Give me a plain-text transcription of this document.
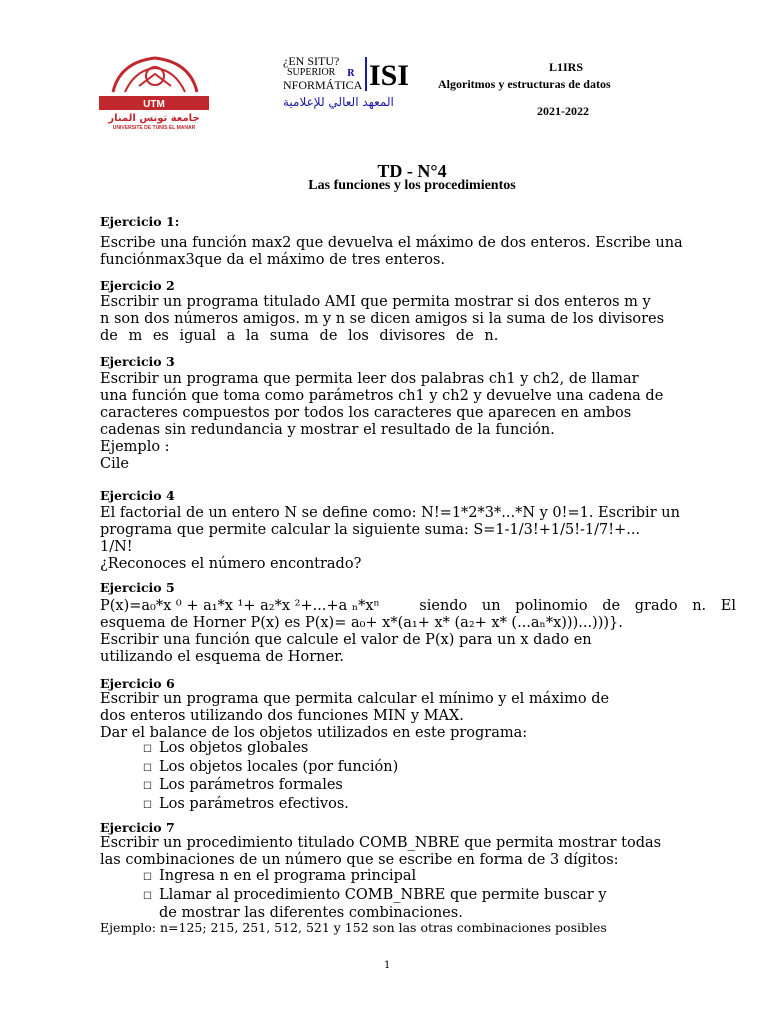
UTM
جامعة تونس المنار
UNIVERSITE DE TUNIS EL MANAR
¿EN SITU?
SUPERIOR
NFORMÁTICA
R ISI
المعهد العالي للإعلامية
L1IRS
Algoritmos y estructuras de datos
2021-2022
TD - N°4
Las funciones y los procedimientos
Ejercicio 1:
Escribe una función max2 que devuelva el máximo de dos enteros. Escribe una
funciónmax3que da el máximo de tres enteros.
Ejercicio 2
Escribir un programa titulado AMI que permita mostrar si dos enteros m y
n son dos números amigos. m y n se dicen amigos si la suma de los divisores
de m es igual a la suma de los divisores de n.
Ejercicio 3
Escribir un programa que permita leer dos palabras ch1 y ch2, de llamar
una función que toma como parámetros ch1 y ch2 y devuelve una cadena de
caracteres compuestos por todos los caracteres que aparecen en ambos
cadenas sin redundancia y mostrar el resultado de la función.
Ejemplo :
Cile
Ejercicio 4
El factorial de un entero N se define como: N!=1*2*3*...*N y 0!=1. Escribir un
programa que permite calcular la siguiente suma: S=1-1/3!+1/5!-1/7!+...
1/N!
¿Reconoces el número encontrado?
Ejercicio 5
P(x)=a₀*x ⁰ + a₁*x ¹+ a₂*x ²+...+a ₙ*xⁿ	siendo un polinomio de grado n. El
esquema de Horner P(x) es P(x)= a₀+ x*(a₁+ x* (a₂+ x* (...aₙ*x)))...)))}.
Escribir una función que calcule el valor de P(x) para un x dado en
utilizando el esquema de Horner.
Ejercicio 6
Escribir un programa que permita calcular el mínimo y el máximo de
dos enteros utilizando dos funciones MIN y MAX.
Dar el balance de los objetos utilizados en este programa:
☐ Los objetos globales
☐ Los objetos locales (por función)
☐ Los parámetros formales
☐ Los parámetros efectivos.
Ejercicio 7
Escribir un procedimiento titulado COMB_NBRE que permita mostrar todas
las combinaciones de un número que se escribe en forma de 3 dígitos:
☐ Ingresa n en el programa principal
☐ Llamar al procedimiento COMB_NBRE que permite buscar y
de mostrar las diferentes combinaciones.
Ejemplo: n=125; 215, 251, 512, 521 y 152 son las otras combinaciones posibles
1
